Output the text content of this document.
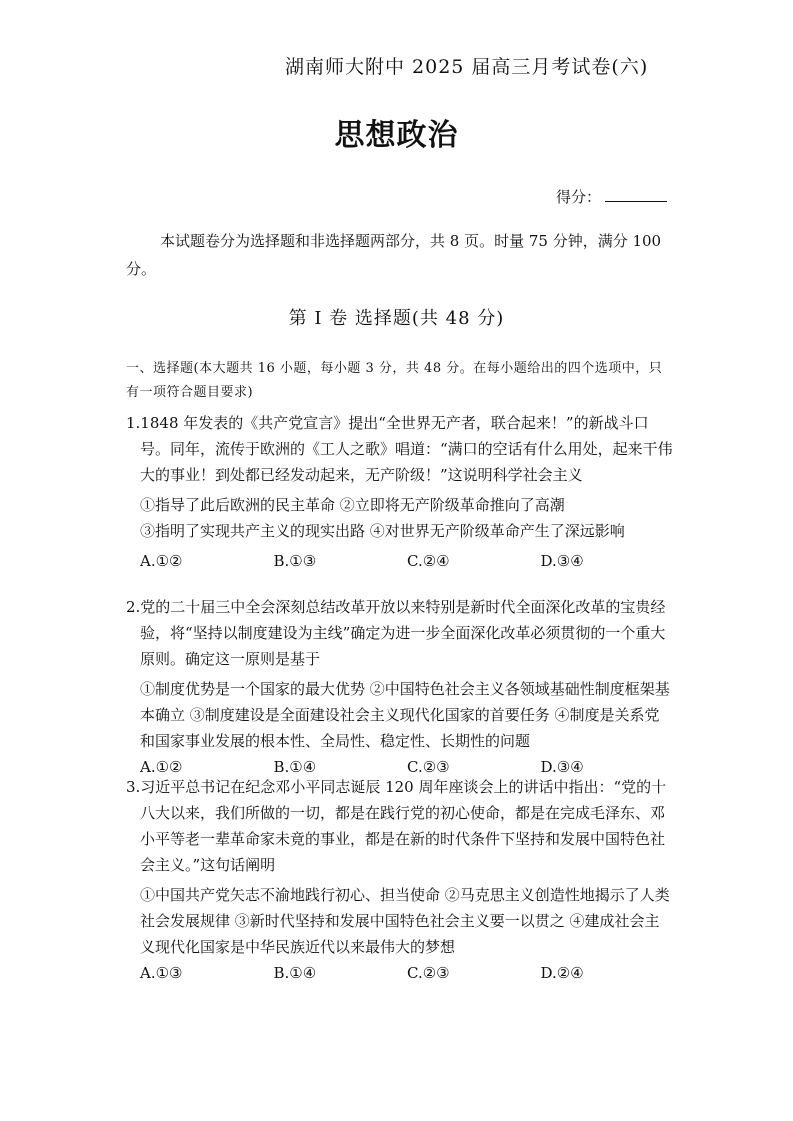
湖南师大附中 2025 届高三月考试卷(六)
思想政治
得分：
本试题卷分为选择题和非选择题两部分，共 8 页。时量 75 分钟，满分 100 分。
第 Ⅰ 卷 选择题(共 48 分)
一、选择题(本大题共 16 小题，每小题 3 分，共 48 分。在每小题给出的四个选项中，只有一项符合题目要求)
1.1848 年发表的《共产党宣言》提出“全世界无产者，联合起来！”的新战斗口号。同年，流传于欧洲的《工人之歌》唱道：“满口的空话有什么用处，起来干伟大的事业！到处都已经发动起来，无产阶级！”这说明科学社会主义
①指导了此后欧洲的民主革命 ②立即将无产阶级革命推向了高潮
③指明了实现共产主义的现实出路 ④对世界无产阶级革命产生了深远影响
A.①②	B.①③	C.②④	D.③④
2.党的二十届三中全会深刻总结改革开放以来特别是新时代全面深化改革的宝贵经验，将“坚持以制度建设为主线”确定为进一步全面深化改革必须贯彻的一个重大原则。确定这一原则是基于
①制度优势是一个国家的最大优势 ②中国特色社会主义各领域基础性制度框架基本确立 ③制度建设是全面建设社会主义现代化国家的首要任务 ④制度是关系党和国家事业发展的根本性、全局性、稳定性、长期性的问题
A.①②	B.①④	C.②③	D.③④
3.习近平总书记在纪念邓小平同志诞辰 120 周年座谈会上的讲话中指出：“党的十八大以来，我们所做的一切，都是在践行党的初心使命，都是在完成毛泽东、邓小平等老一辈革命家未竟的事业，都是在新的时代条件下坚持和发展中国特色社会主义。”这句话阐明
①中国共产党矢志不渝地践行初心、担当使命 ②马克思主义创造性地揭示了人类社会发展规律 ③新时代坚持和发展中国特色社会主义要一以贯之 ④建成社会主义现代化国家是中华民族近代以来最伟大的梦想
A.①③	B.①④	C.②③	D.②④
